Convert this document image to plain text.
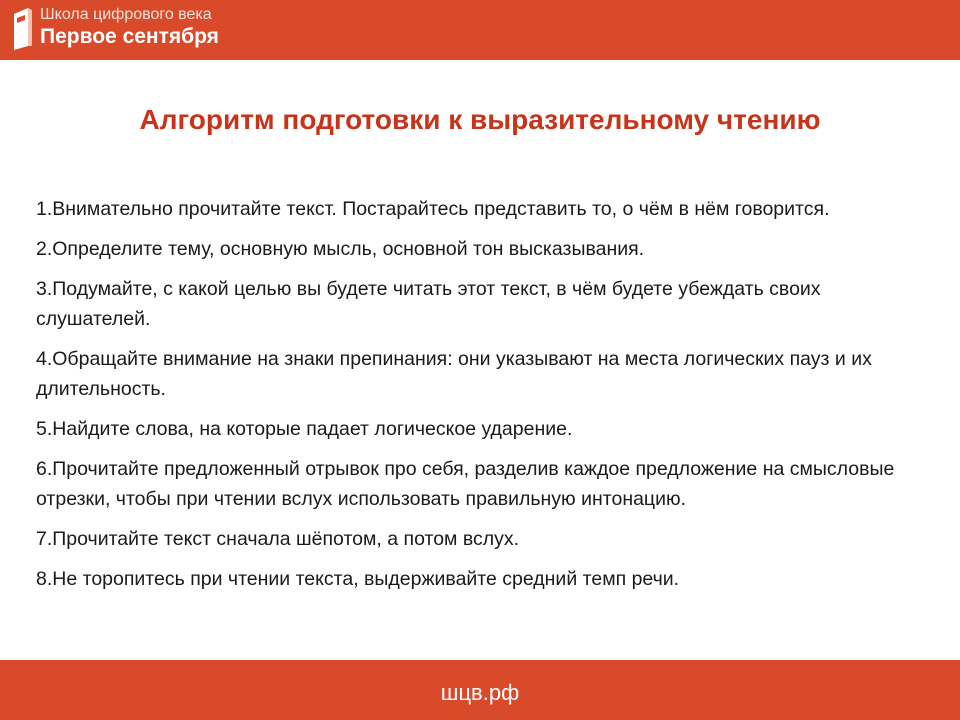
Школа цифрового века
Первое сентября
Алгоритм подготовки к выразительному чтению
1.Внимательно прочитайте текст. Постарайтесь представить то, о чём в нём говорится.
2.Определите тему, основную мысль, основной тон высказывания.
3.Подумайте, с какой целью вы будете читать этот текст, в чём будете убеждать своих слушателей.
4.Обращайте внимание на знаки препинания: они указывают на места логических пауз и их длительность.
5.Найдите слова, на которые падает логическое ударение.
6.Прочитайте предложенный отрывок про себя, разделив каждое предложение на смысловые отрезки, чтобы при чтении вслух использовать правильную интонацию.
7.Прочитайте текст сначала шёпотом, а потом вслух.
8.Не торопитесь при чтении текста, выдерживайте средний темп речи.
шцв.рф
